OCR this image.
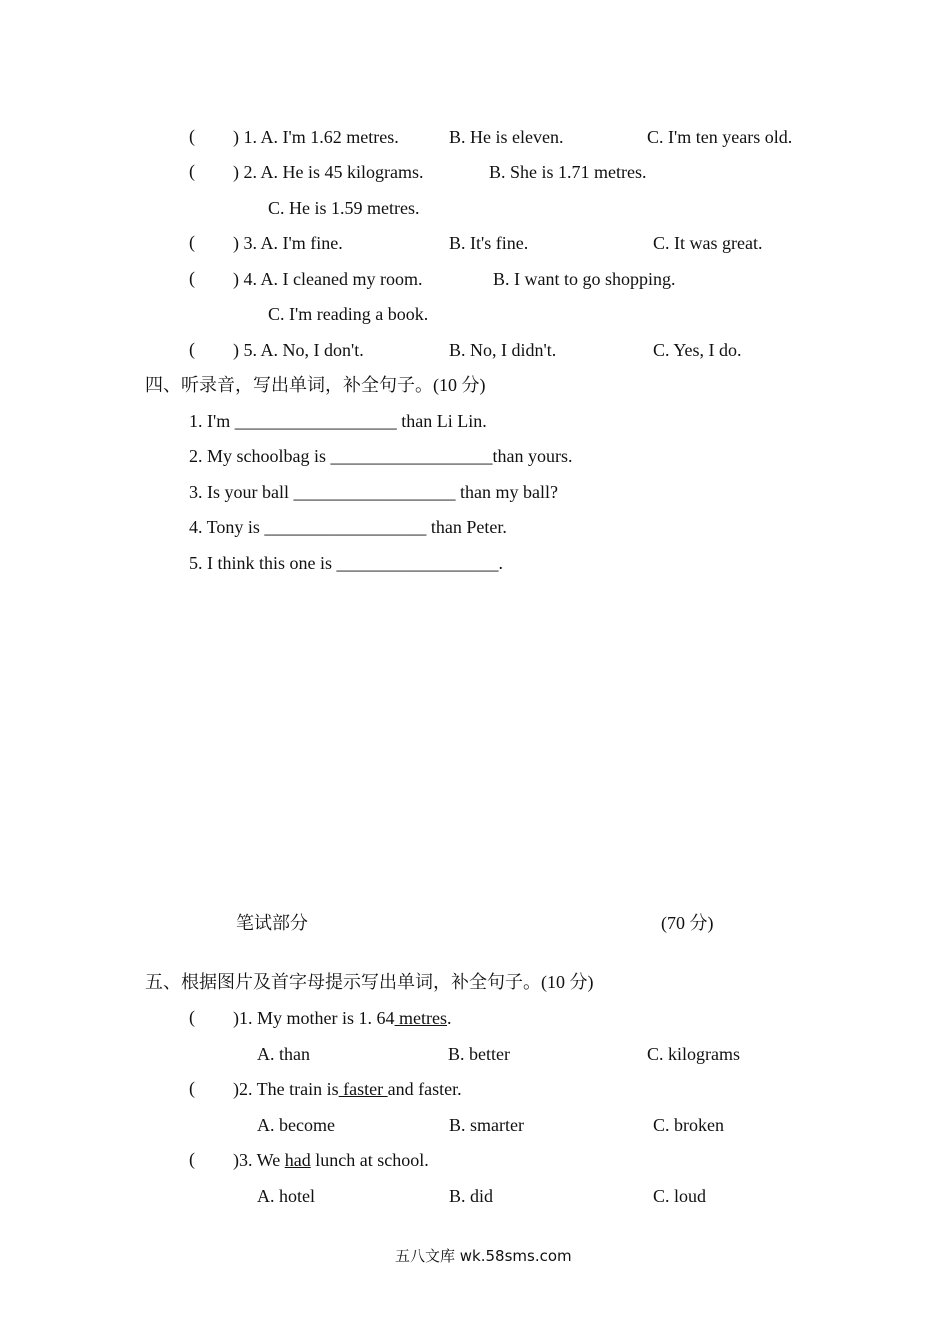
( ) 1. A. I'm 1.62 metres.	B. He is eleven.	C. I'm ten years old.
( ) 2. A. He is 45 kilograms.	B. She is 1.71 metres.
C. He is 1.59 metres.
( ) 3. A. I'm fine.	B. It's fine.	C. It was great.
( ) 4. A. I cleaned my room.	B. I want to go shopping.
C. I'm reading a book.
( ) 5. A. No, I don't.	B. No, I didn't.	C. Yes, I do.
四、听录音，写出单词，补全句子。(10 分)
1. I'm __________________ than Li Lin.
2. My schoolbag is __________________than yours.
3. Is your ball __________________ than my ball?
4. Tony is __________________ than Peter.
5. I think this one is __________________.
笔试部分	(70 分)
五、根据图片及首字母提示写出单词，补全句子。(10 分)
( )1. My mother is 1. 64 metres.
A. than	B. better	C. kilograms
( )2. The train is faster and faster.
A. become	B. smarter	C. broken
( )3. We had lunch at school.
A. hotel	B. did	C. loud
五八文库 wk.58sms.com
